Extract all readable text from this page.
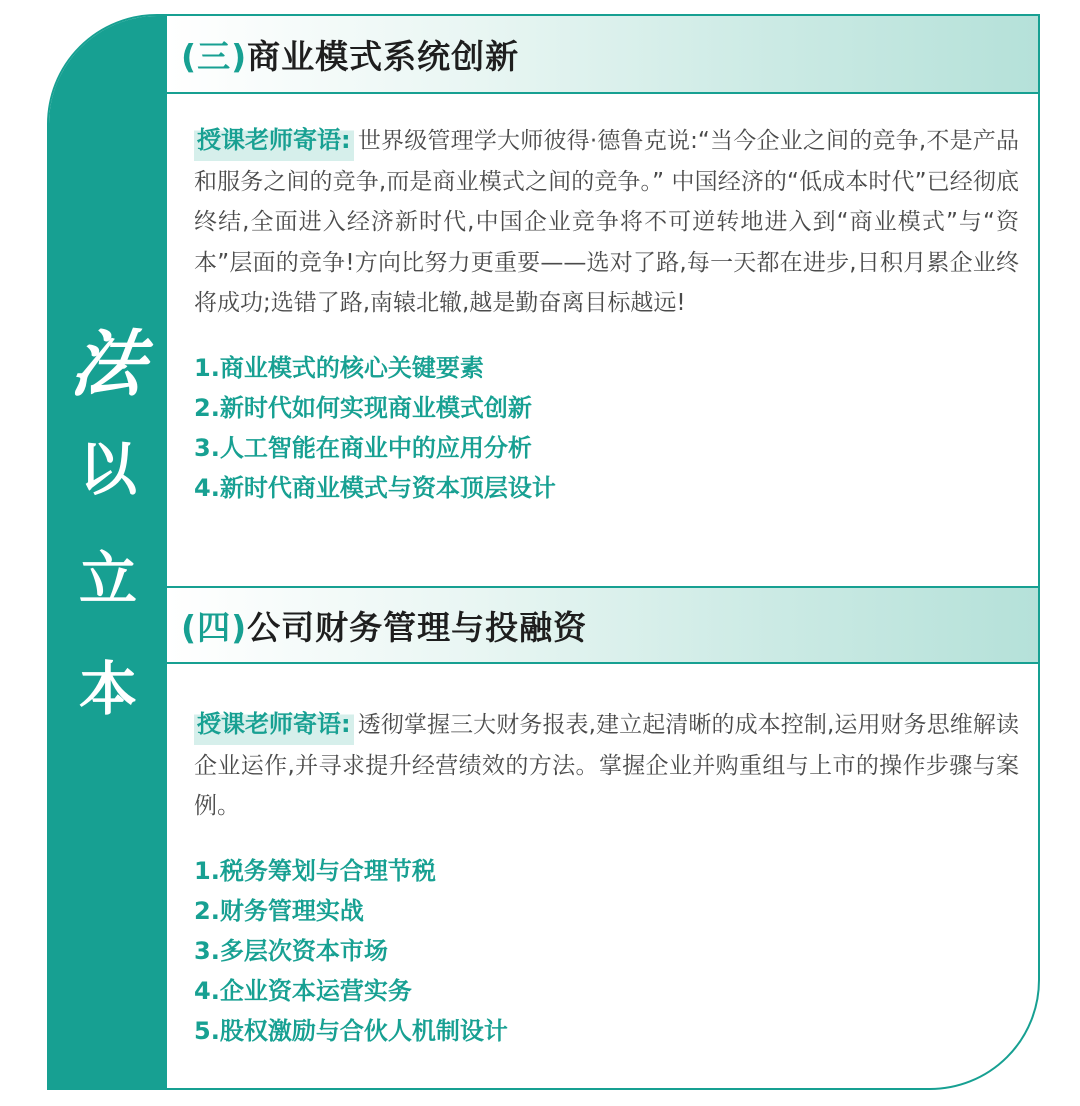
法
以
立
本
(三)商业模式系统创新

授课老师寄语: 世界级管理学大师彼得·德鲁克说:“当今企业之间的竞争,不是产品和服务之间的竞争,而是商业模式之间的竞争。” 中国经济的“低成本时代”已经彻底终结,全面进入经济新时代,中国企业竞争将不可逆转地进入到“商业模式”与“资本”层面的竞争!方向比努力更重要——选对了路,每一天都在进步,日积月累企业终将成功;选错了路,南辕北辙,越是勤奋离目标越远!

1.商业模式的核心关键要素
2.新时代如何实现商业模式创新
3.人工智能在商业中的应用分析
4.新时代商业模式与资本顶层设计
(四)公司财务管理与投融资

授课老师寄语: 透彻掌握三大财务报表,建立起清晰的成本控制,运用财务思维解读企业运作,并寻求提升经营绩效的方法。掌握企业并购重组与上市的操作步骤与案例。

1.税务筹划与合理节税
2.财务管理实战
3.多层次资本市场
4.企业资本运营实务
5.股权激励与合伙人机制设计
